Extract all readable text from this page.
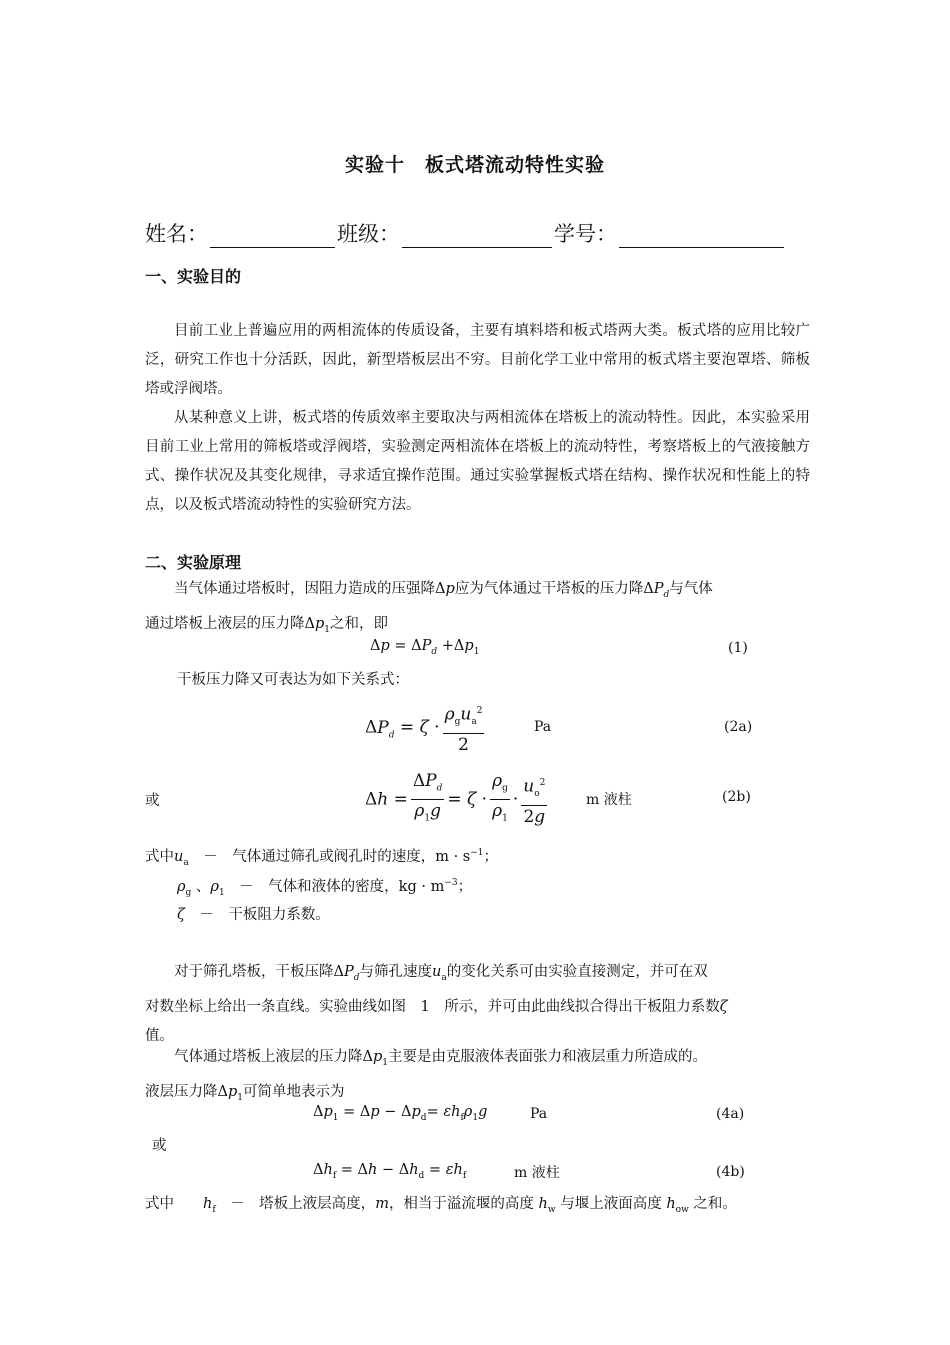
实验十　板式塔流动特性实验
姓名：	班级：	学号：
一、实验目的

目前工业上普遍应用的两相流体的传质设备，主要有填料塔和板式塔两大类。板式塔的应用比较广泛，研究工作也十分活跃，因此，新型塔板层出不穷。目前化学工业中常用的板式塔主要泡罩塔、筛板塔或浮阀塔。

从某种意义上讲，板式塔的传质效率主要取决与两相流体在塔板上的流动特性。因此，本实验采用目前工业上常用的筛板塔或浮阀塔，实验测定两相流体在塔板上的流动特性，考察塔板上的气液接触方式、操作状况及其变化规律，寻求适宜操作范围。通过实验掌握板式塔在结构、操作状况和性能上的特点，以及板式塔流动特性的实验研究方法。

二、实验原理

当气体通过塔板时，因阻力造成的压强降Δp应为气体通过干塔板的压力降$\Delta P_d$与气体

通过塔板上液层的压力降$\Delta p_1$之和，即
$\Delta p = \Delta P_d +\Delta p_1$	(1)
干板压力降又可表达为如下关系式：
$\Delta P_d = \zeta \cdot \frac{\rho_gu_a^2}{2}$	Pa	(2a)
或	$\Delta h = \frac{\Delta P_d}{\rho_1g} = \zeta \cdot \frac{\rho_g}{\rho_1} \cdot \frac{u_o^2}{2g}$	m 液柱	(2b)
式中$u_a$　 －　气体通过筛孔或阀孔时的速度，$m \cdot s^{-1}$；
$\rho_g$ 、$\rho_1$　 －　气体和液体的密度，kg · $m^{-3}$；
ζ　 －　干板阻力系数。

对于筛孔塔板，干板压降$\Delta P_d$与筛孔速度$u_a$的变化关系可由实验直接测定，并可在双

对数坐标上给出一条直线。实验曲线如图　1　所示，并可由此曲线拟合得出干板阻力系数ζ
值。

气体通过塔板上液层的压力降$\Delta p_1$主要是由克服液体表面张力和液层重力所造成的。

液层压力降$\Delta p_1$可简单地表示为
$\Delta p_1 = \Delta p - \Delta p_d= \varepsilon h_f\rho_1g$	Pa	(4a)
或
$\Delta h_f = \Delta h - \Delta h_d = \varepsilon h_f$	m 液柱	(4b)
式中　　 $h_f$　 －　塔板上液层高度，m，相当于溢流堰的高度 $h_w$ 与堰上液面高度 $h_{ow}$ 之和。
